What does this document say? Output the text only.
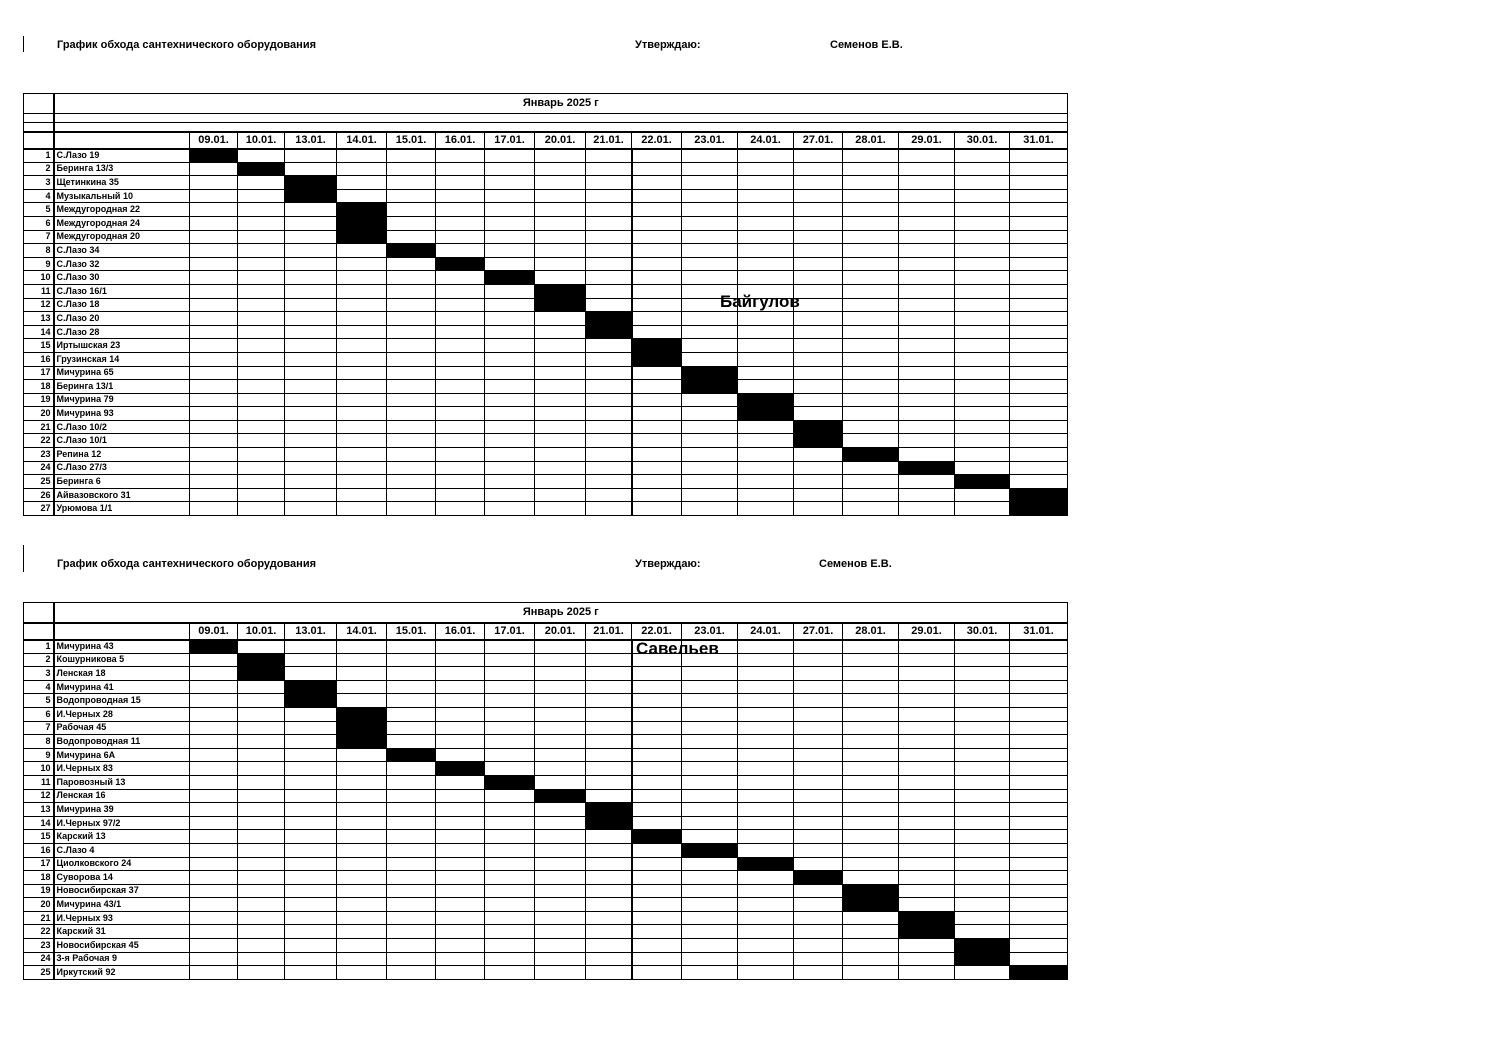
График обхода сантехнического оборудования	Утверждаю:	Семенов Е.В.
	Январь 2025 г																	

		09.01.	10.01.	13.01.	14.01.	15.01.	16.01.	17.01.	20.01.	21.01.	22.01.	23.01.	24.01.	27.01.	28.01.	29.01.	30.01.	31.01.
1	С.Лазо 19																	
2	Беринга 13/3																	
3	Щетинкина 35																	
4	Музыкальный 10																	
5	Междугородная 22																	
6	Междугородная 24																	
7	Междугородная 20																	
8	С.Лазо 34																	
9	С.Лазо 32																	
10	С.Лазо 30																	
11	С.Лазо 16/1																	
12	С.Лазо 18																	
13	С.Лазо 20																	
14	С.Лазо 28																	
15	Иртышская 23																	
16	Грузинская 14																	
17	Мичурина 65																	
18	Беринга 13/1																	
19	Мичурина 79																	
20	Мичурина 93																	
21	С.Лазо 10/2																	
22	С.Лазо 10/1																	
23	Репина 12																	
24	С.Лазо 27/3																	
25	Беринга 6																	
26	Айвазовского 31																	
27	Урюмова 1/1																	
Байгулов
График обхода сантехнического оборудования	Утверждаю:	Семенов Е.В.
	Январь 2025 г																	
		09.01.	10.01.	13.01.	14.01.	15.01.	16.01.	17.01.	20.01.	21.01.	22.01.	23.01.	24.01.	27.01.	28.01.	29.01.	30.01.	31.01.
1	Мичурина 43																	
2	Кошурникова 5																	
3	Ленская 18																	
4	Мичурина 41																	
5	Водопроводная 15																	
6	И.Черных 28																	
7	Рабочая 45																	
8	Водопроводная 11																	
9	Мичурина 6А																	
10	И.Черных 83																	
11	Паровозный 13																	
12	Ленская 16																	
13	Мичурина 39																	
14	И.Черных 97/2																	
15	Карский 13																	
16	С.Лазо 4																	
17	Циолковского 24																	
18	Суворова 14																	
19	Новосибирская 37																	
20	Мичурина 43/1																	
21	И.Черных 93																	
22	Карский 31																	
23	Новосибирская 45																	
24	3-я Рабочая 9																	
25	Иркутский 92																	
Савельев
